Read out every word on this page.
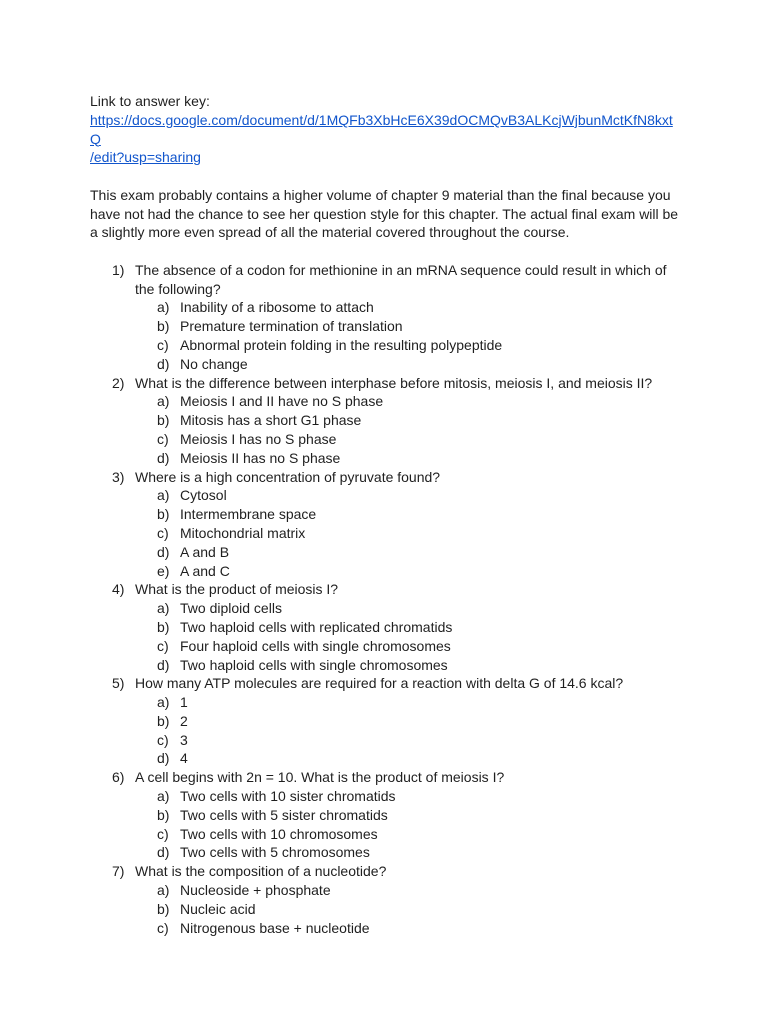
Link to answer key:

https://docs.google.com/document/d/1MQFb3XbHcE6X39dOCMQvB3ALKcjWjbunMctKfN8kxtQ
/edit?usp=sharing

This exam probably contains a higher volume of chapter 9 material than the final because you have not had the chance to see her question style for this chapter. The actual final exam will be a slightly more even spread of all the material covered throughout the course.

1) The absence of a codon for methionine in an mRNA sequence could result in which of the following?
a) Inability of a ribosome to attach
b) Premature termination of translation
c) Abnormal protein folding in the resulting polypeptide
d) No change
2) What is the difference between interphase before mitosis, meiosis I, and meiosis II?
a) Meiosis I and II have no S phase
b) Mitosis has a short G1 phase
c) Meiosis I has no S phase
d) Meiosis II has no S phase
3) Where is a high concentration of pyruvate found?
a) Cytosol
b) Intermembrane space
c) Mitochondrial matrix
d) A and B
e) A and C
4) What is the product of meiosis I?
a) Two diploid cells
b) Two haploid cells with replicated chromatids
c) Four haploid cells with single chromosomes
d) Two haploid cells with single chromosomes
5) How many ATP molecules are required for a reaction with delta G of 14.6 kcal?
a) 1
b) 2
c) 3
d) 4
6) A cell begins with 2n = 10. What is the product of meiosis I?
a) Two cells with 10 sister chromatids
b) Two cells with 5 sister chromatids
c) Two cells with 10 chromosomes
d) Two cells with 5 chromosomes
7) What is the composition of a nucleotide?
a) Nucleoside + phosphate
b) Nucleic acid
c) Nitrogenous base + nucleotide
